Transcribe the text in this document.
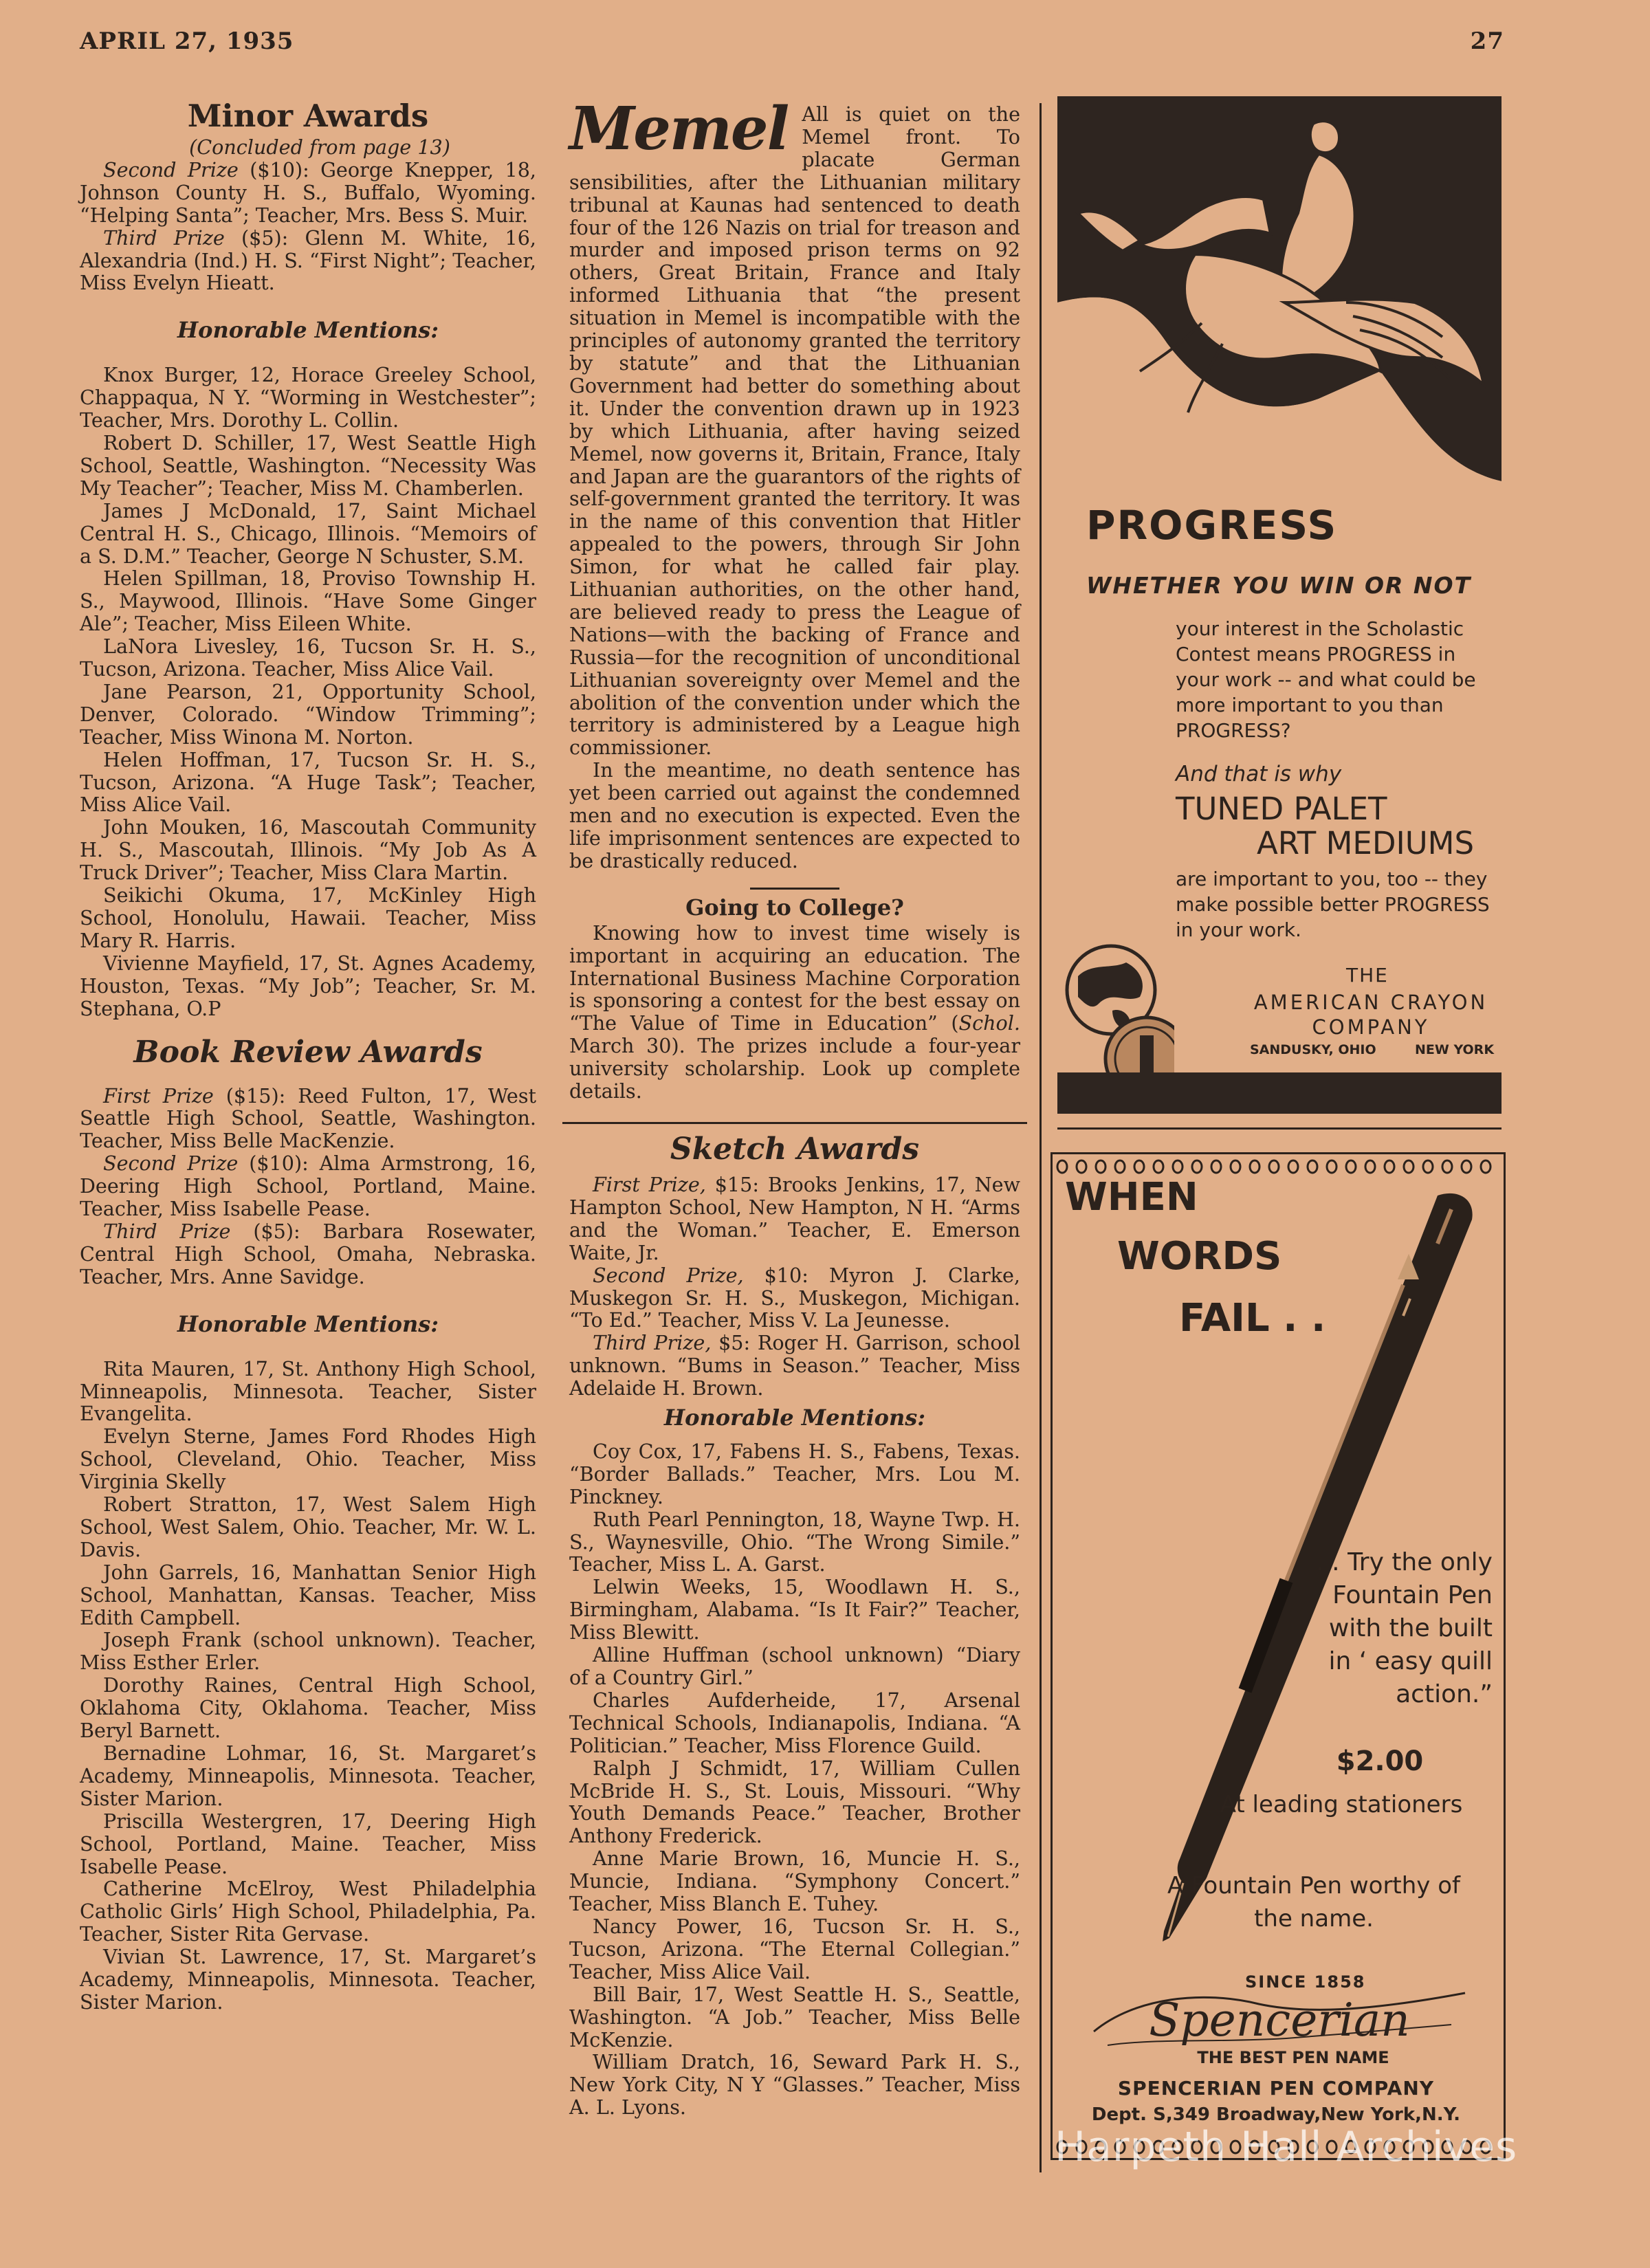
APRIL 27, 1935	27
Minor Awards

(Concluded from page 13)

Second Prize ($10): George Knepper, 18, Johnson County H. S., Buffalo, Wyoming. “Helping Santa”; Teacher, Mrs. Bess S. Muir.

Third Prize ($5): Glenn M. White, 16, Alexandria (Ind.) H. S. “First Night”; Teacher, Miss Evelyn Hieatt.

Honorable Mentions:

Knox Burger, 12, Horace Greeley School, Chappaqua, N Y. “Worming in Westchester”; Teacher, Mrs. Dorothy L. Collin.

Robert D. Schiller, 17, West Seattle High School, Seattle, Washington. “Necessity Was My Teacher”; Teacher, Miss M. Chamberlen.

James J McDonald, 17, Saint Michael Central H. S., Chicago, Illinois. “Memoirs of a S. D.M.” Teacher, George N Schuster, S.M.

Helen Spillman, 18, Proviso Township H. S., Maywood, Illinois. “Have Some Ginger Ale”; Teacher, Miss Eileen White.

LaNora Livesley, 16, Tucson Sr. H. S., Tucson, Arizona. Teacher, Miss Alice Vail.

Jane Pearson, 21, Opportunity School, Denver, Colorado. “Window Trimming”; Teacher, Miss Winona M. Norton.

Helen Hoffman, 17, Tucson Sr. H. S., Tucson, Arizona. “A Huge Task”; Teacher, Miss Alice Vail.

John Mouken, 16, Mascoutah Community H. S., Mascoutah, Illinois. “My Job As A Truck Driver”; Teacher, Miss Clara Martin.

Seikichi Okuma, 17, McKinley High School, Honolulu, Hawaii. Teacher, Miss Mary R. Harris.

Vivienne Mayfield, 17, St. Agnes Academy, Houston, Texas. “My Job”; Teacher, Sr. M. Stephana, O.P

Book Review Awards

First Prize ($15): Reed Fulton, 17, West Seattle High School, Seattle, Washington. Teacher, Miss Belle MacKenzie.

Second Prize ($10): Alma Armstrong, 16, Deering High School, Portland, Maine. Teacher, Miss Isabelle Pease.

Third Prize ($5): Barbara Rosewater, Central High School, Omaha, Nebraska. Teacher, Mrs. Anne Savidge.

Honorable Mentions:

Rita Mauren, 17, St. Anthony High School, Minneapolis, Minnesota. Teacher, Sister Evangelita.

Evelyn Sterne, James Ford Rhodes High School, Cleveland, Ohio. Teacher, Miss Virginia Skelly

Robert Stratton, 17, West Salem High School, West Salem, Ohio. Teacher, Mr. W. L. Davis.

John Garrels, 16, Manhattan Senior High School, Manhattan, Kansas. Teacher, Miss Edith Campbell.

Joseph Frank (school unknown). Teacher, Miss Esther Erler.

Dorothy Raines, Central High School, Oklahoma City, Oklahoma. Teacher, Miss Beryl Barnett.

Bernadine Lohmar, 16, St. Margaret’s Academy, Minneapolis, Minnesota. Teacher, Sister Marion.

Priscilla Westergren, 17, Deering High School, Portland, Maine. Teacher, Miss Isabelle Pease.

Catherine McElroy, West Philadelphia Catholic Girls’ High School, Philadelphia, Pa. Teacher, Sister Rita Gervase.

Vivian St. Lawrence, 17, St. Margaret’s Academy, Minneapolis, Minnesota. Teacher, Sister Marion.

Memel All is quiet on the Memel front. To placate German sensibilities, after the Lithuanian military tribunal at Kaunas had sentenced to death four of the 126 Nazis on trial for treason and murder and imposed prison terms on 92 others, Great Britain, France and Italy informed Lithuania that “the present situation in Memel is incompatible with the principles of autonomy granted the territory by statute” and that the Lithuanian Government had better do something about it. Under the convention drawn up in 1923 by which Lithuania, after having seized Memel, now governs it, Britain, France, Italy and Japan are the guarantors of the rights of self-government granted the territory. It was in the name of this convention that Hitler appealed to the powers, through Sir John Simon, for what he called fair play. Lithuanian authorities, on the other hand, are believed ready to press the League of Nations—with the backing of France and Russia—for the recognition of unconditional Lithuanian sovereignty over Memel and the abolition of the convention under which the territory is administered by a League high commissioner.

In the meantime, no death sentence has yet been carried out against the condemned men and no execution is expected. Even the life imprisonment sentences are expected to be drastically reduced.

Going to College?

Knowing how to invest time wisely is important in acquiring an education. The International Business Machine Corporation is sponsoring a contest for the best essay on “The Value of Time in Education” (Schol. March 30). The prizes include a four-year university scholarship. Look up complete details.

Sketch Awards

First Prize, $15: Brooks Jenkins, 17, New Hampton School, New Hampton, N H. “Arms and the Woman.” Teacher, E. Emerson Waite, Jr.

Second Prize, $10: Myron J. Clarke, Muskegon Sr. H. S., Muskegon, Michigan. “To Ed.” Teacher, Miss V. La Jeunesse.

Third Prize, $5: Roger H. Garrison, school unknown. “Bums in Season.” Teacher, Miss Adelaide H. Brown.

Honorable Mentions:

Coy Cox, 17, Fabens H. S., Fabens, Texas. “Border Ballads.” Teacher, Mrs. Lou M. Pinckney.

Ruth Pearl Pennington, 18, Wayne Twp. H. S., Waynesville, Ohio. “The Wrong Simile.” Teacher, Miss L. A. Garst.

Lelwin Weeks, 15, Woodlawn H. S., Birmingham, Alabama. “Is It Fair?” Teacher, Miss Blewitt.

Alline Huffman (school unknown) “Diary of a Country Girl.”

Charles Aufderheide, 17, Arsenal Technical Schools, Indianapolis, Indiana. “A Politician.” Teacher, Miss Florence Guild.

Ralph J Schmidt, 17, William Cullen McBride H. S., St. Louis, Missouri. “Why Youth Demands Peace.” Teacher, Brother Anthony Frederick.

Anne Marie Brown, 16, Muncie H. S., Muncie, Indiana. “Symphony Concert.” Teacher, Miss Blanch E. Tuhey.

Nancy Power, 16, Tucson Sr. H. S., Tucson, Arizona. “The Eternal Collegian.” Teacher, Miss Alice Vail.

Bill Bair, 17, West Seattle H. S., Seattle, Washington. “A Job.” Teacher, Miss Belle McKenzie.

William Dratch, 16, Seward Park H. S., New York City, N Y “Glasses.” Teacher, Miss A. L. Lyons.

PROGRESS
WHETHER YOU WIN OR NOT
your interest in the Scholastic Contest means PROGRESS in your work -- and what could be more important to you than PROGRESS?
And that is why
TUNED PALET
ART MEDIUMS
are important to you, too -- they make possible better PROGRESS in your work.
THE
AMERICAN CRAYON COMPANY
SANDUSKY, OHIO	NEW YORK
WHEN
WORDS
FAIL . .
. . Try the only Fountain Pen with the built in ‘ easy quill action.”
$2.00
At leading stationers
A Fountain Pen worthy of the name.
SINCE 1858
Spencerian
THE BEST PEN NAME
SPENCERIAN PEN COMPANY
Dept. S,349 Broadway,New York,N.Y.
Harpeth Hall Archives
